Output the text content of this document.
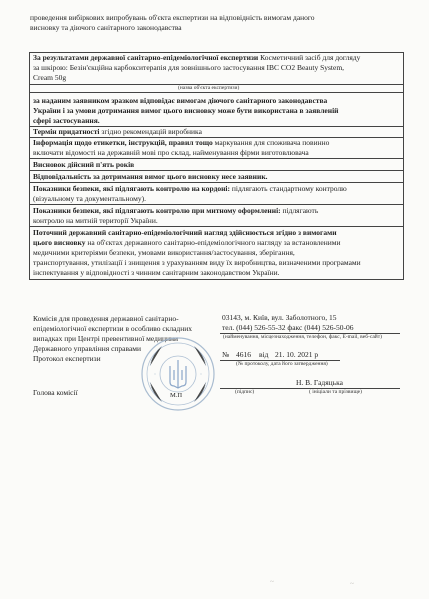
проведення вибіркових випробувань об'єкта експертизи на відповідність вимогам даного
висновку та діючого санітарного законодавства
За результатами державної санітарно-епідеміологічної експертизи Косметичний засіб для догляду
за шкірою: Безін'єкційна карбокситерапія для зовнішнього застосування IBC CO2 Beauty System,
Cream 50g
(назва об'єкта експертизи)
за наданим заявником зразком відповідає вимогам діючого санітарного законодавства
України і за умови дотримання вимог цього висновку може бути використана в заявленій
сфері застосування.
Термін придатності згідно рекомендацій виробника
Інформація щодо етикетки, інструкцій, правил тощо маркування для споживача повинно
включати відомості на державній мові про склад, найменування фірми виготовлювача
Висновок дійсний п'ять років
Відповідальність за дотримання вимог цього висновку несе заявник.
Показники безпеки, які підлягають контролю на кордоні: підлягають стандартному контролю
(візуальному та документальному).
Показники безпеки, які підлягають контролю при митному оформленні: підлягають
контролю на митній території України.
Поточний державний санітарно-епідеміологічний нагляд здійснюється згідно з вимогами
цього висновку на об'єктах державного санітарно-епідеміологічного нагляду за встановленими
медичними критеріями безпеки, умовами використання/застосування, зберігання,
транспортування, утилізації і знищення з урахуванням виду їх виробництва, визначеними програмами
інспектування у відповідності з чинним санітарним законодавством України.
Комісія для проведення державної санітарно-
епідеміологічної експертизи в особливо складних
випадках при Центрі превентивної медицини
Державного управління справами
Протокол експертизи
Голова комісії
03143, м. Київ, вул. Заболотного, 15
тел. (044) 526-55-32 факс (044) 526-50-06
(найменування, місцезнаходження, телефон, факс, E-mail, веб-сайт)
№ 4616 від 21. 10. 2021 р
(№ протоколу, дата його затвердження)
Н. В. Гадяцька
(підпис)	( ініціали та прізвище)
М.П
~	~
